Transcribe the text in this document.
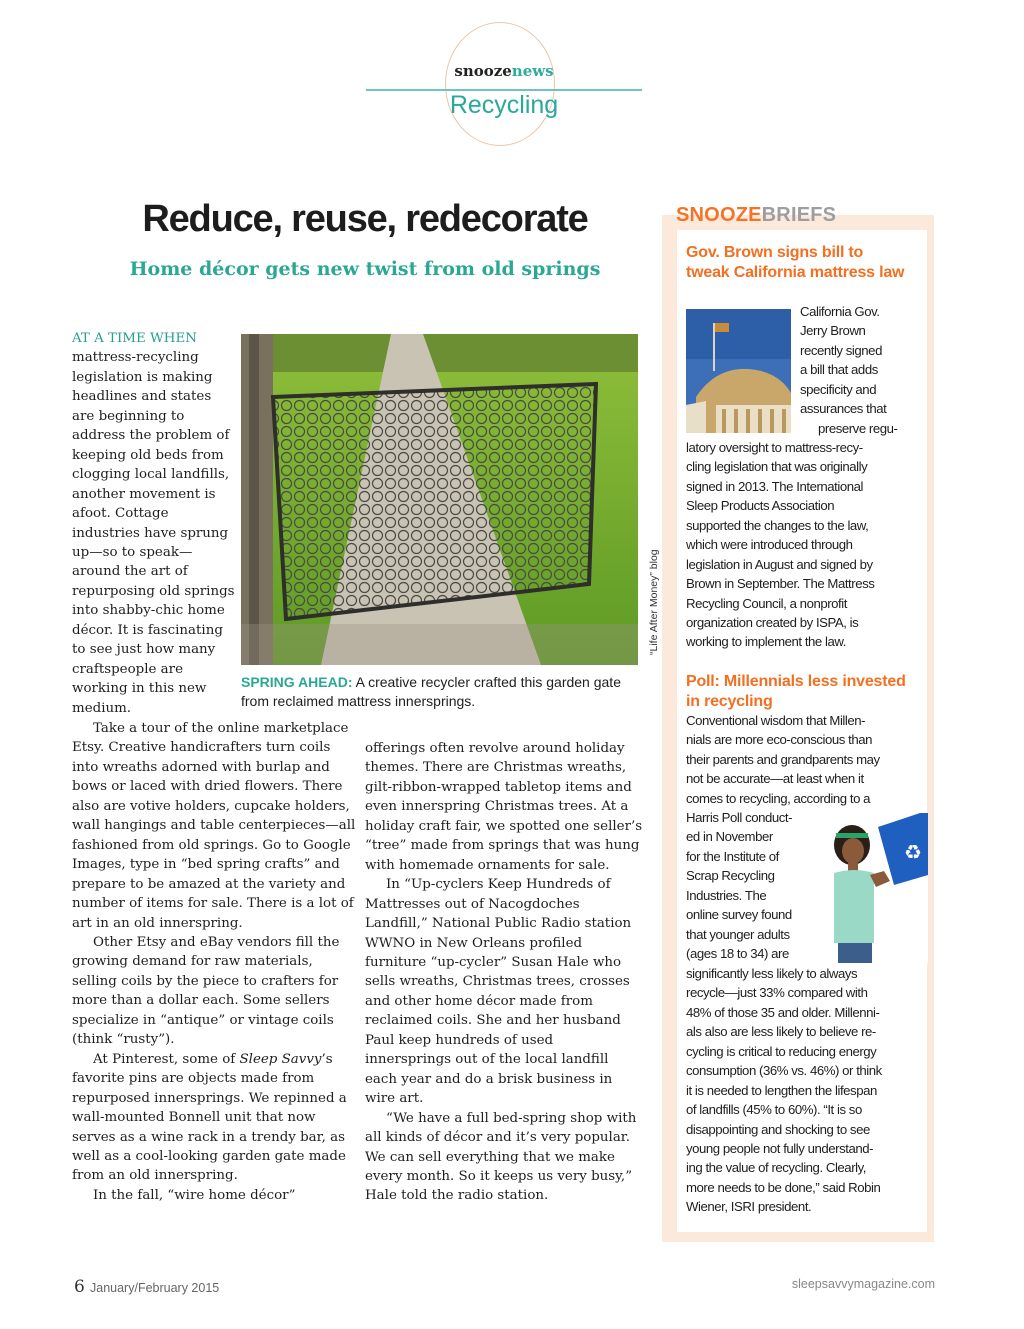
snoozenews
Recycling
Reduce, reuse, redecorate
Home décor gets new twist from old springs

AT A TIME WHEN
mattress-recycling legislation is making headlines and states are beginning to address the problem of keeping old beds from clogging local landfills, another movement is afoot. Cottage industries have sprung up—so to speak—around the art of repurposing old springs into shabby-chic home décor. It is fascinating to see just how many craftspeople are working in this new medium.

Take a tour of the online marketplace Etsy. Creative handicrafters turn coils into wreaths adorned with burlap and bows or laced with dried flowers. There also are votive holders, cupcake holders, wall hangings and table centerpieces—all fashioned from old springs. Go to Google Images, type in “bed spring crafts” and prepare to be amazed at the variety and number of items for sale. There is a lot of art in an old innerspring.

Other Etsy and eBay vendors fill the growing demand for raw materials, selling coils by the piece to crafters for more than a dollar each. Some sellers specialize in “antique” or vintage coils (think “rusty”).

At Pinterest, some of Sleep Savvy’s favorite pins are objects made from repurposed innersprings. We repinned a wall-mounted Bonnell unit that now serves as a wine rack in a trendy bar, as well as a cool-looking garden gate made from an old innerspring.

In the fall, “wire home décor”

offerings often revolve around holiday themes. There are Christmas wreaths, gilt-ribbon-wrapped tabletop items and even innerspring Christmas trees. At a holiday craft fair, we spotted one seller’s “tree” made from springs that was hung with homemade ornaments for sale.

In “Up-cyclers Keep Hundreds of Mattresses out of Nacogdoches Landfill,” National Public Radio station WWNO in New Orleans profiled furniture “up-cycler” Susan Hale who sells wreaths, Christmas trees, crosses and other home décor made from reclaimed coils. She and her husband Paul keep hundreds of used innersprings out of the local landfill each year and do a brisk business in wire art.

“We have a full bed-spring shop with all kinds of décor and it’s very popular. We can sell everything that we make every month. So it keeps us very busy,” Hale told the radio station.

“Life After Money” blog
SPRING AHEAD: A creative recycler crafted this garden gate from reclaimed mattress innersprings.
SNOOZEBRIEFS
Gov. Brown signs bill to tweak California mattress law
California Gov.
Jerry Brown
recently signed
a bill that adds
specificity and
assurances that
preserve regu-
latory oversight to mattress-recy-
cling legislation that was originally
signed in 2013. The International
Sleep Products Association
supported the changes to the law,
which were introduced through
legislation in August and signed by
Brown in September. The Mattress
Recycling Council, a nonprofit
organization created by ISPA, is
working to implement the law.
Poll: Millennials less invested in recycling
Conventional wisdom that Millen-
nials are more eco-conscious than
their parents and grandparents may
not be accurate—at least when it
comes to recycling, according to a
Harris Poll conduct-
ed in November
for the Institute of
Scrap Recycling
Industries. The
online survey found
that younger adults
(ages 18 to 34) are
♻
significantly less likely to always
recycle—just 33% compared with
48% of those 35 and older. Millenni-
als also are less likely to believe re-
cycling is critical to reducing energy
consumption (36% vs. 46%) or think
it is needed to lengthen the lifespan
of landfills (45% to 60%). “It is so
disappointing and shocking to see
young people not fully understand-
ing the value of recycling. Clearly,
more needs to be done,” said Robin
Wiener, ISRI president.
6 January/February 2015	sleepsavvymagazine.com
